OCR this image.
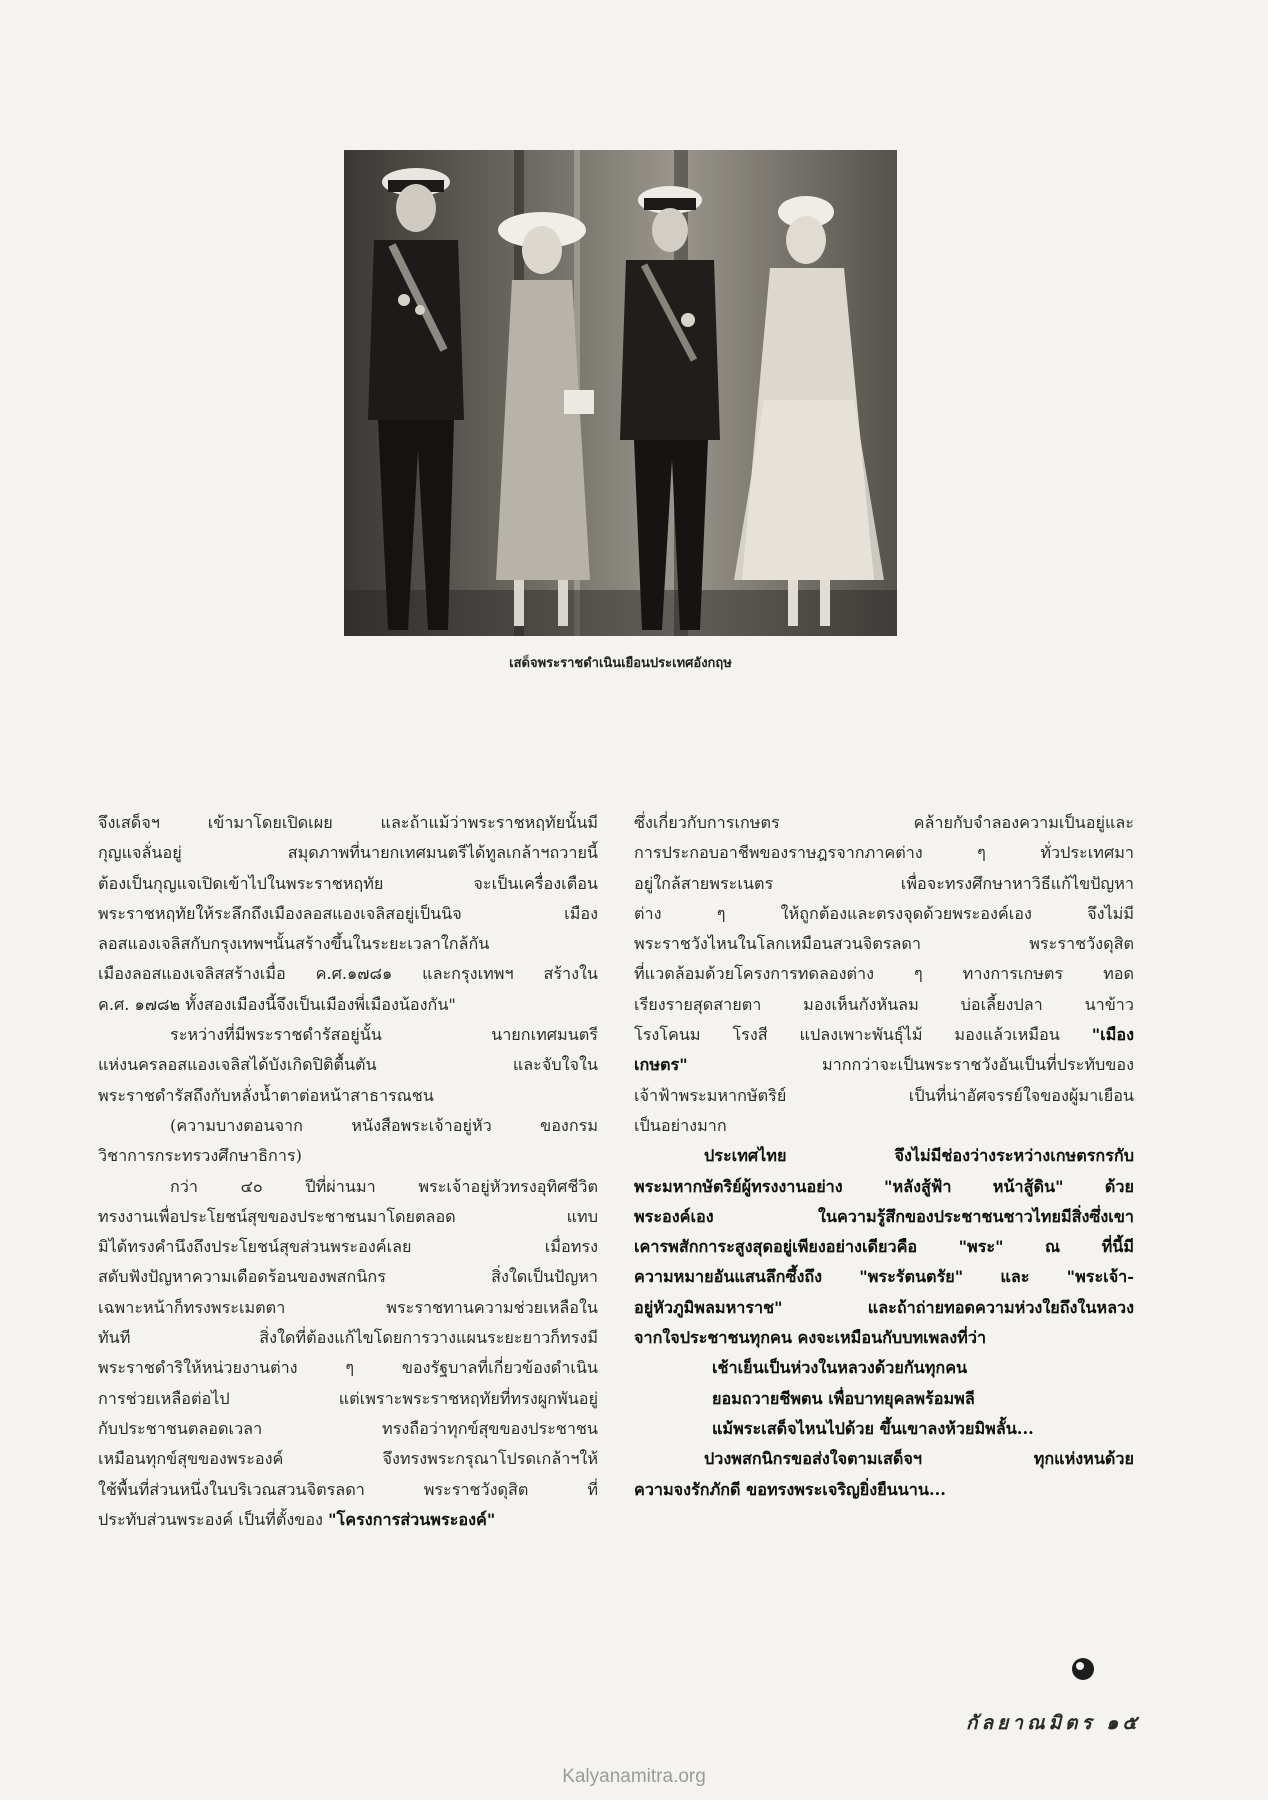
เสด็จพระราชดำเนินเยือนประเทศอังกฤษ

จึงเสด็จฯ เข้ามาโดยเปิดเผย และถ้าแม้ว่าพระราชหฤทัยนั้นมี

กุญแจลั่นอยู่ สมุดภาพที่นายกเทศมนตรีได้ทูลเกล้าฯถวายนี้

ต้องเป็นกุญแจเปิดเข้าไปในพระราชหฤทัย จะเป็นเครื่องเตือน

พระราชหฤทัยให้ระลึกถึงเมืองลอสแองเจลิสอยู่เป็นนิจ เมือง

ลอสแองเจลิสกับกรุงเทพฯนั้นสร้างขึ้นในระยะเวลาใกล้กัน

เมืองลอสแองเจลิสสร้างเมื่อ ค.ศ.๑๗๘๑ และกรุงเทพฯ สร้างใน

ค.ศ. ๑๗๘๒ ทั้งสองเมืองนี้จึงเป็นเมืองพี่เมืองน้องกัน"

ระหว่างที่มีพระราชดำรัสอยู่นั้น นายกเทศมนตรี

แห่งนครลอสแองเจลิสได้บังเกิดปิติตื้นตัน และจับใจใน

พระราชดำรัสถึงกับหลั่งน้ำตาต่อหน้าสาธารณชน

(ความบางตอนจาก หนังสือพระเจ้าอยู่หัว ของกรม

วิชาการกระทรวงศึกษาธิการ)

กว่า ๔๐ ปีที่ผ่านมา พระเจ้าอยู่หัวทรงอุทิศชีวิต

ทรงงานเพื่อประโยชน์สุขของประชาชนมาโดยตลอด แทบ

มิได้ทรงคำนึงถึงประโยชน์สุขส่วนพระองค์เลย เมื่อทรง

สดับฟังปัญหาความเดือดร้อนของพสกนิกร สิ่งใดเป็นปัญหา

เฉพาะหน้าก็ทรงพระเมตตา พระราชทานความช่วยเหลือใน

ทันที สิ่งใดที่ต้องแก้ไขโดยการวางแผนระยะยาวก็ทรงมี

พระราชดำริให้หน่วยงานต่าง ๆ ของรัฐบาลที่เกี่ยวข้องดำเนิน

การช่วยเหลือต่อไป แต่เพราะพระราชหฤทัยที่ทรงผูกพันอยู่

กับประชาชนตลอดเวลา ทรงถือว่าทุกข์สุขของประชาชน

เหมือนทุกข์สุขของพระองค์ จึงทรงพระกรุณาโปรดเกล้าฯให้

ใช้พื้นที่ส่วนหนึ่งในบริเวณสวนจิตรลดา พระราชวังดุสิต ที่

ประทับส่วนพระองค์ เป็นที่ตั้งของ "โครงการส่วนพระองค์"

ซึ่งเกี่ยวกับการเกษตร คล้ายกับจำลองความเป็นอยู่และ

การประกอบอาชีพของราษฎรจากภาคต่าง ๆ ทั่วประเทศมา

อยู่ใกล้สายพระเนตร เพื่อจะทรงศึกษาหาวิธีแก้ไขปัญหา

ต่าง ๆ ให้ถูกต้องและตรงจุดด้วยพระองค์เอง จึงไม่มี

พระราชวังไหนในโลกเหมือนสวนจิตรลดา พระราชวังดุสิต

ที่แวดล้อมด้วยโครงการทดลองต่าง ๆ ทางการเกษตร ทอด

เรียงรายสุดสายตา มองเห็นกังหันลม บ่อเลี้ยงปลา นาข้าว

โรงโคนม โรงสี แปลงเพาะพันธุ์ไม้ มองแล้วเหมือน "เมือง

เกษตร"	มากกว่าจะเป็นพระราชวังอันเป็นที่ประทับของ

เจ้าฟ้าพระมหากษัตริย์ เป็นที่น่าอัศจรรย์ใจของผู้มาเยือน

เป็นอย่างมาก

ประเทศไทย จึงไม่มีช่องว่างระหว่างเกษตรกรกับ

พระมหากษัตริย์ผู้ทรงงานอย่าง "หลังสู้ฟ้า หน้าสู้ดิน" ด้วย

พระองค์เอง ในความรู้สึกของประชาชนชาวไทยมีสิ่งซึ่งเขา

เคารพสักการะสูงสุดอยู่เพียงอย่างเดียวคือ "พระ" ณ ที่นี้มี

ความหมายอันแสนลึกซึ้งถึง "พระรัตนตรัย" และ "พระเจ้า-

อยู่หัวภูมิพลมหาราช" และถ้าถ่ายทอดความห่วงใยถึงในหลวง

จากใจประชาชนทุกคน คงจะเหมือนกับบทเพลงที่ว่า

เช้าเย็นเป็นห่วงในหลวงด้วยกันทุกคน

ยอมถวายชีพตน เพื่อบาทยุคลพร้อมพลี

แม้พระเสด็จไหนไปด้วย ขึ้นเขาลงห้วยมิพลั้น...

ปวงพสกนิกรขอส่งใจตามเสด็จฯ ทุกแห่งหนด้วย

ความจงรักภักดี ขอทรงพระเจริญยิ่งยืนนาน...

กัลยาณมิตร ๑๕
Kalyanamitra.org
